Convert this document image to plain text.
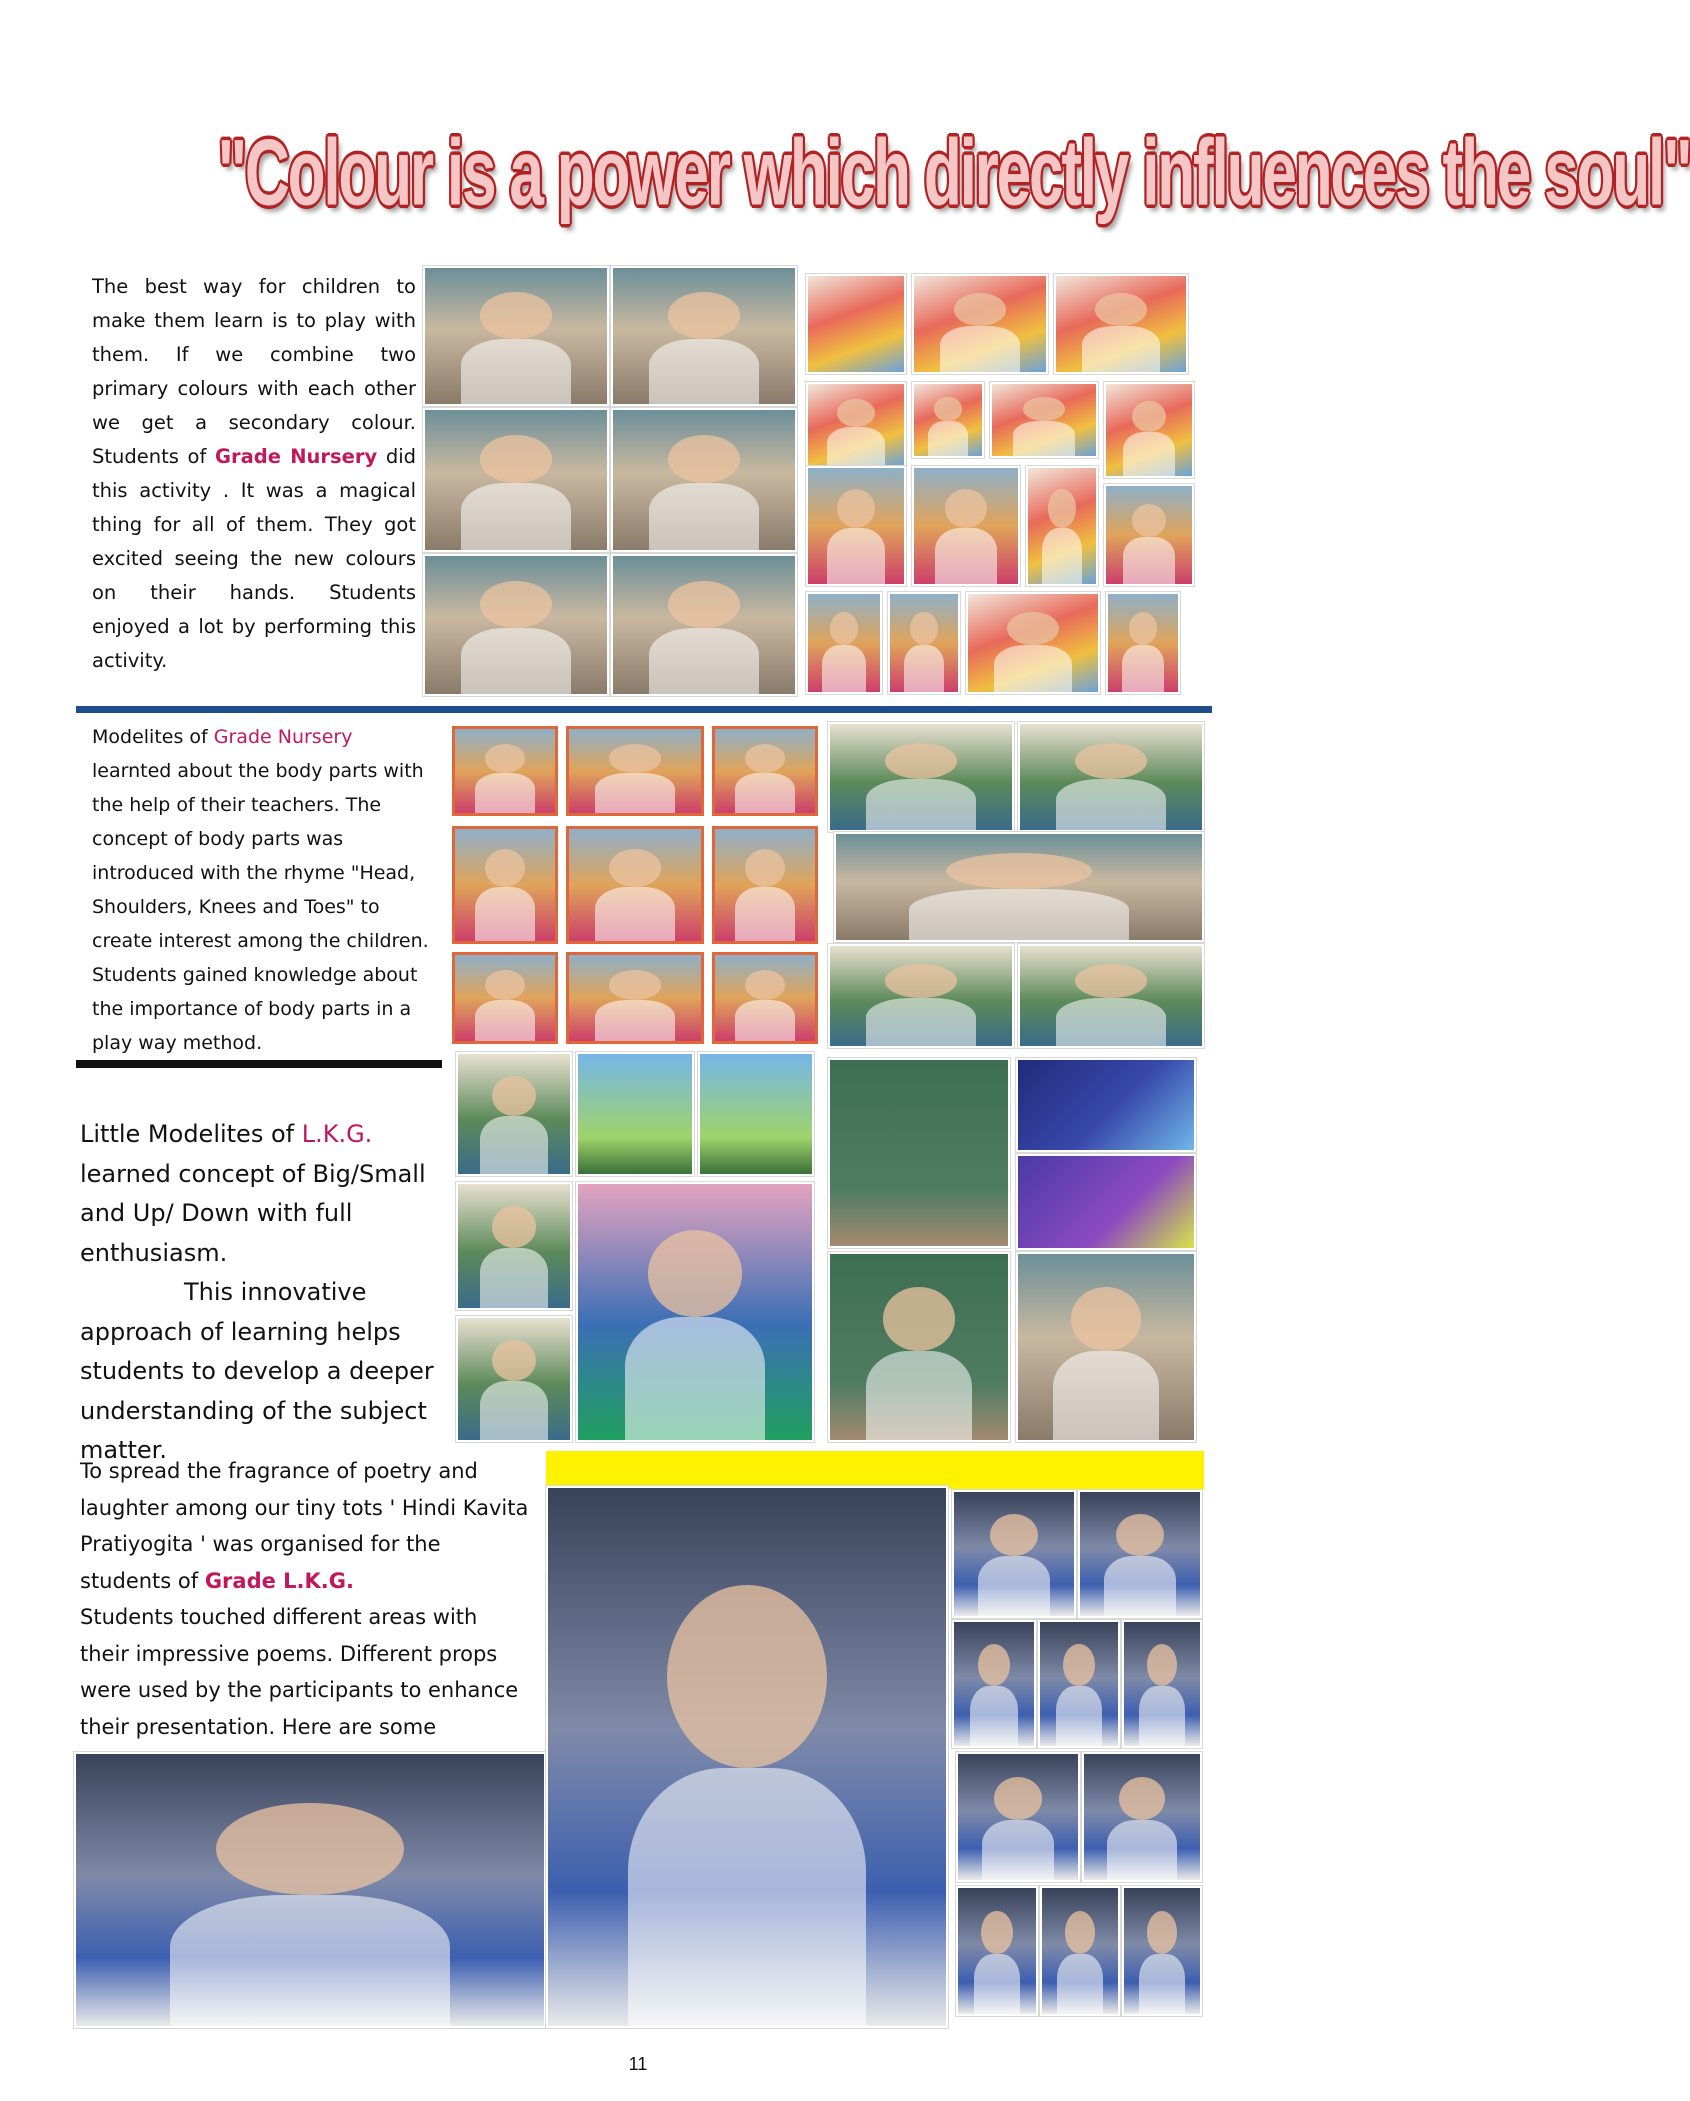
"Colour is a power which directly influences the soul"
The best way for children to make them learn is to play with them. If we combine two primary colours with each other we get a secondary colour. Students of Grade Nursery did this activity . It was a magical thing for all of them. They got excited seeing the new colours on their hands. Students enjoyed a lot by performing this activity.
Modelites of Grade Nursery learnted about the body parts with the help of their teachers. The concept of body parts was introduced with the rhyme "Head, Shoulders, Knees and Toes" to create interest among the children. Students gained knowledge about the importance of body parts in a play way method.
Little Modelites of L.K.G. learned concept of Big/Small and Up/ Down with full enthusiasm.
This innovative approach of learning helps students to develop a deeper understanding of the subject matter.
To spread the fragrance of poetry and laughter among our tiny tots ' Hindi Kavita Pratiyogita ' was organised for the students of Grade L.K.G.
Students touched different areas with their impressive poems. Different props were used by the participants to enhance their presentation. Here are some
11
